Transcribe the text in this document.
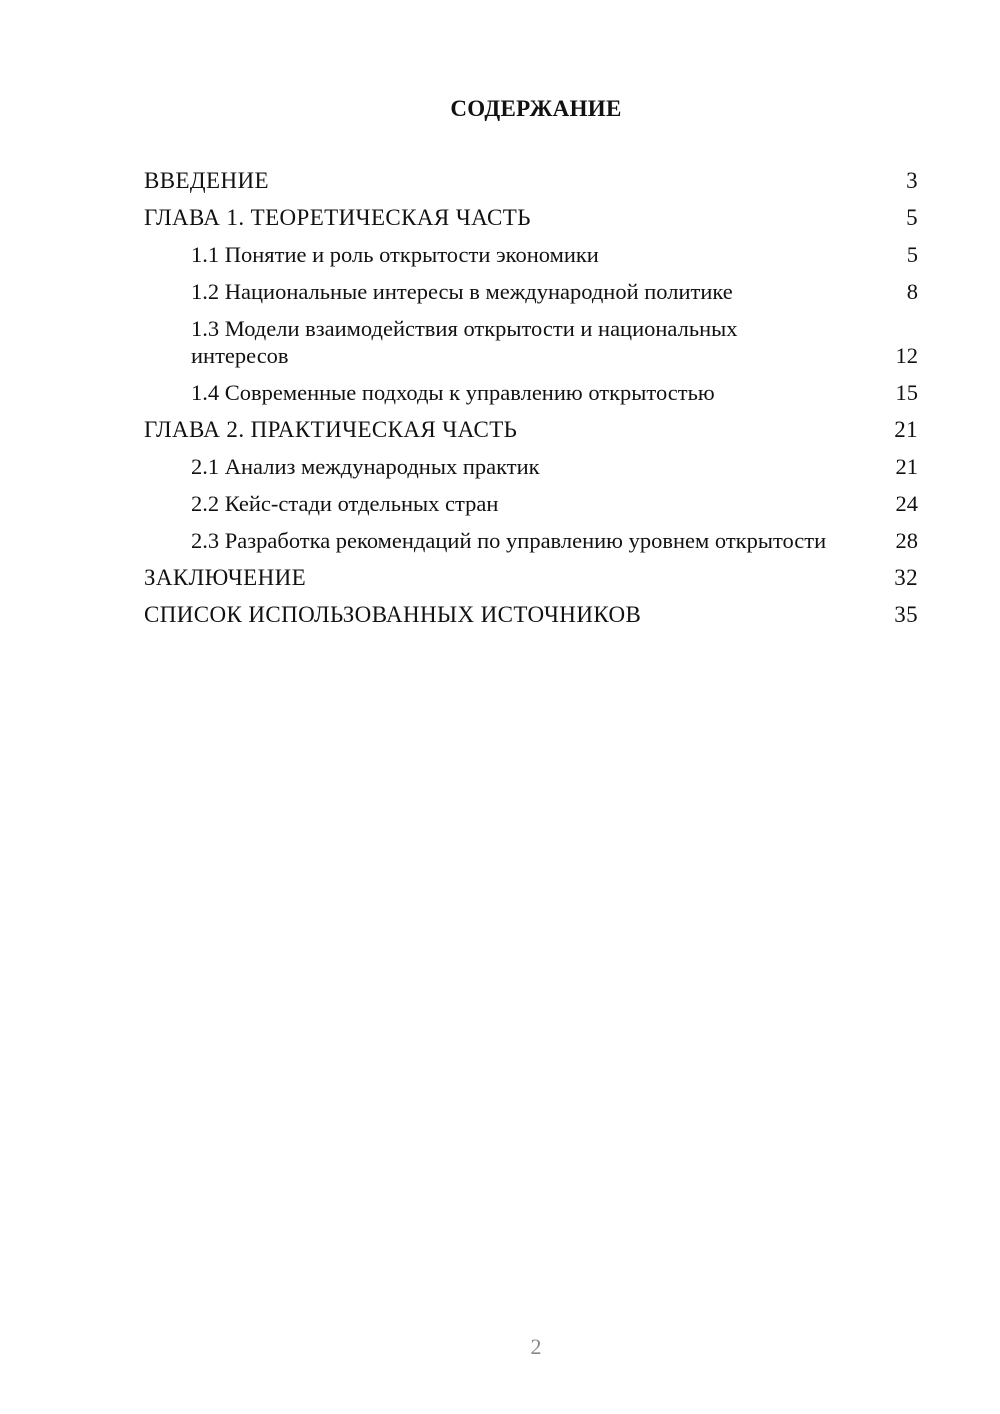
СОДЕРЖАНИЕ
ВВЕДЕНИЕ	3
ГЛАВА 1. ТЕОРЕТИЧЕСКАЯ ЧАСТЬ	5
1.1 Понятие и роль открытости экономики	5
1.2 Национальные интересы в международной политике	8
1.3 Модели взаимодействия открытости и национальных интересов	12
1.4 Современные подходы к управлению открытостью	15
ГЛАВА 2. ПРАКТИЧЕСКАЯ ЧАСТЬ	21
2.1 Анализ международных практик	21
2.2 Кейс-стади отдельных стран	24
2.3 Разработка рекомендаций по управлению уровнем открытости	28
ЗАКЛЮЧЕНИЕ	32
СПИСОК ИСПОЛЬЗОВАННЫХ ИСТОЧНИКОВ	35
2
